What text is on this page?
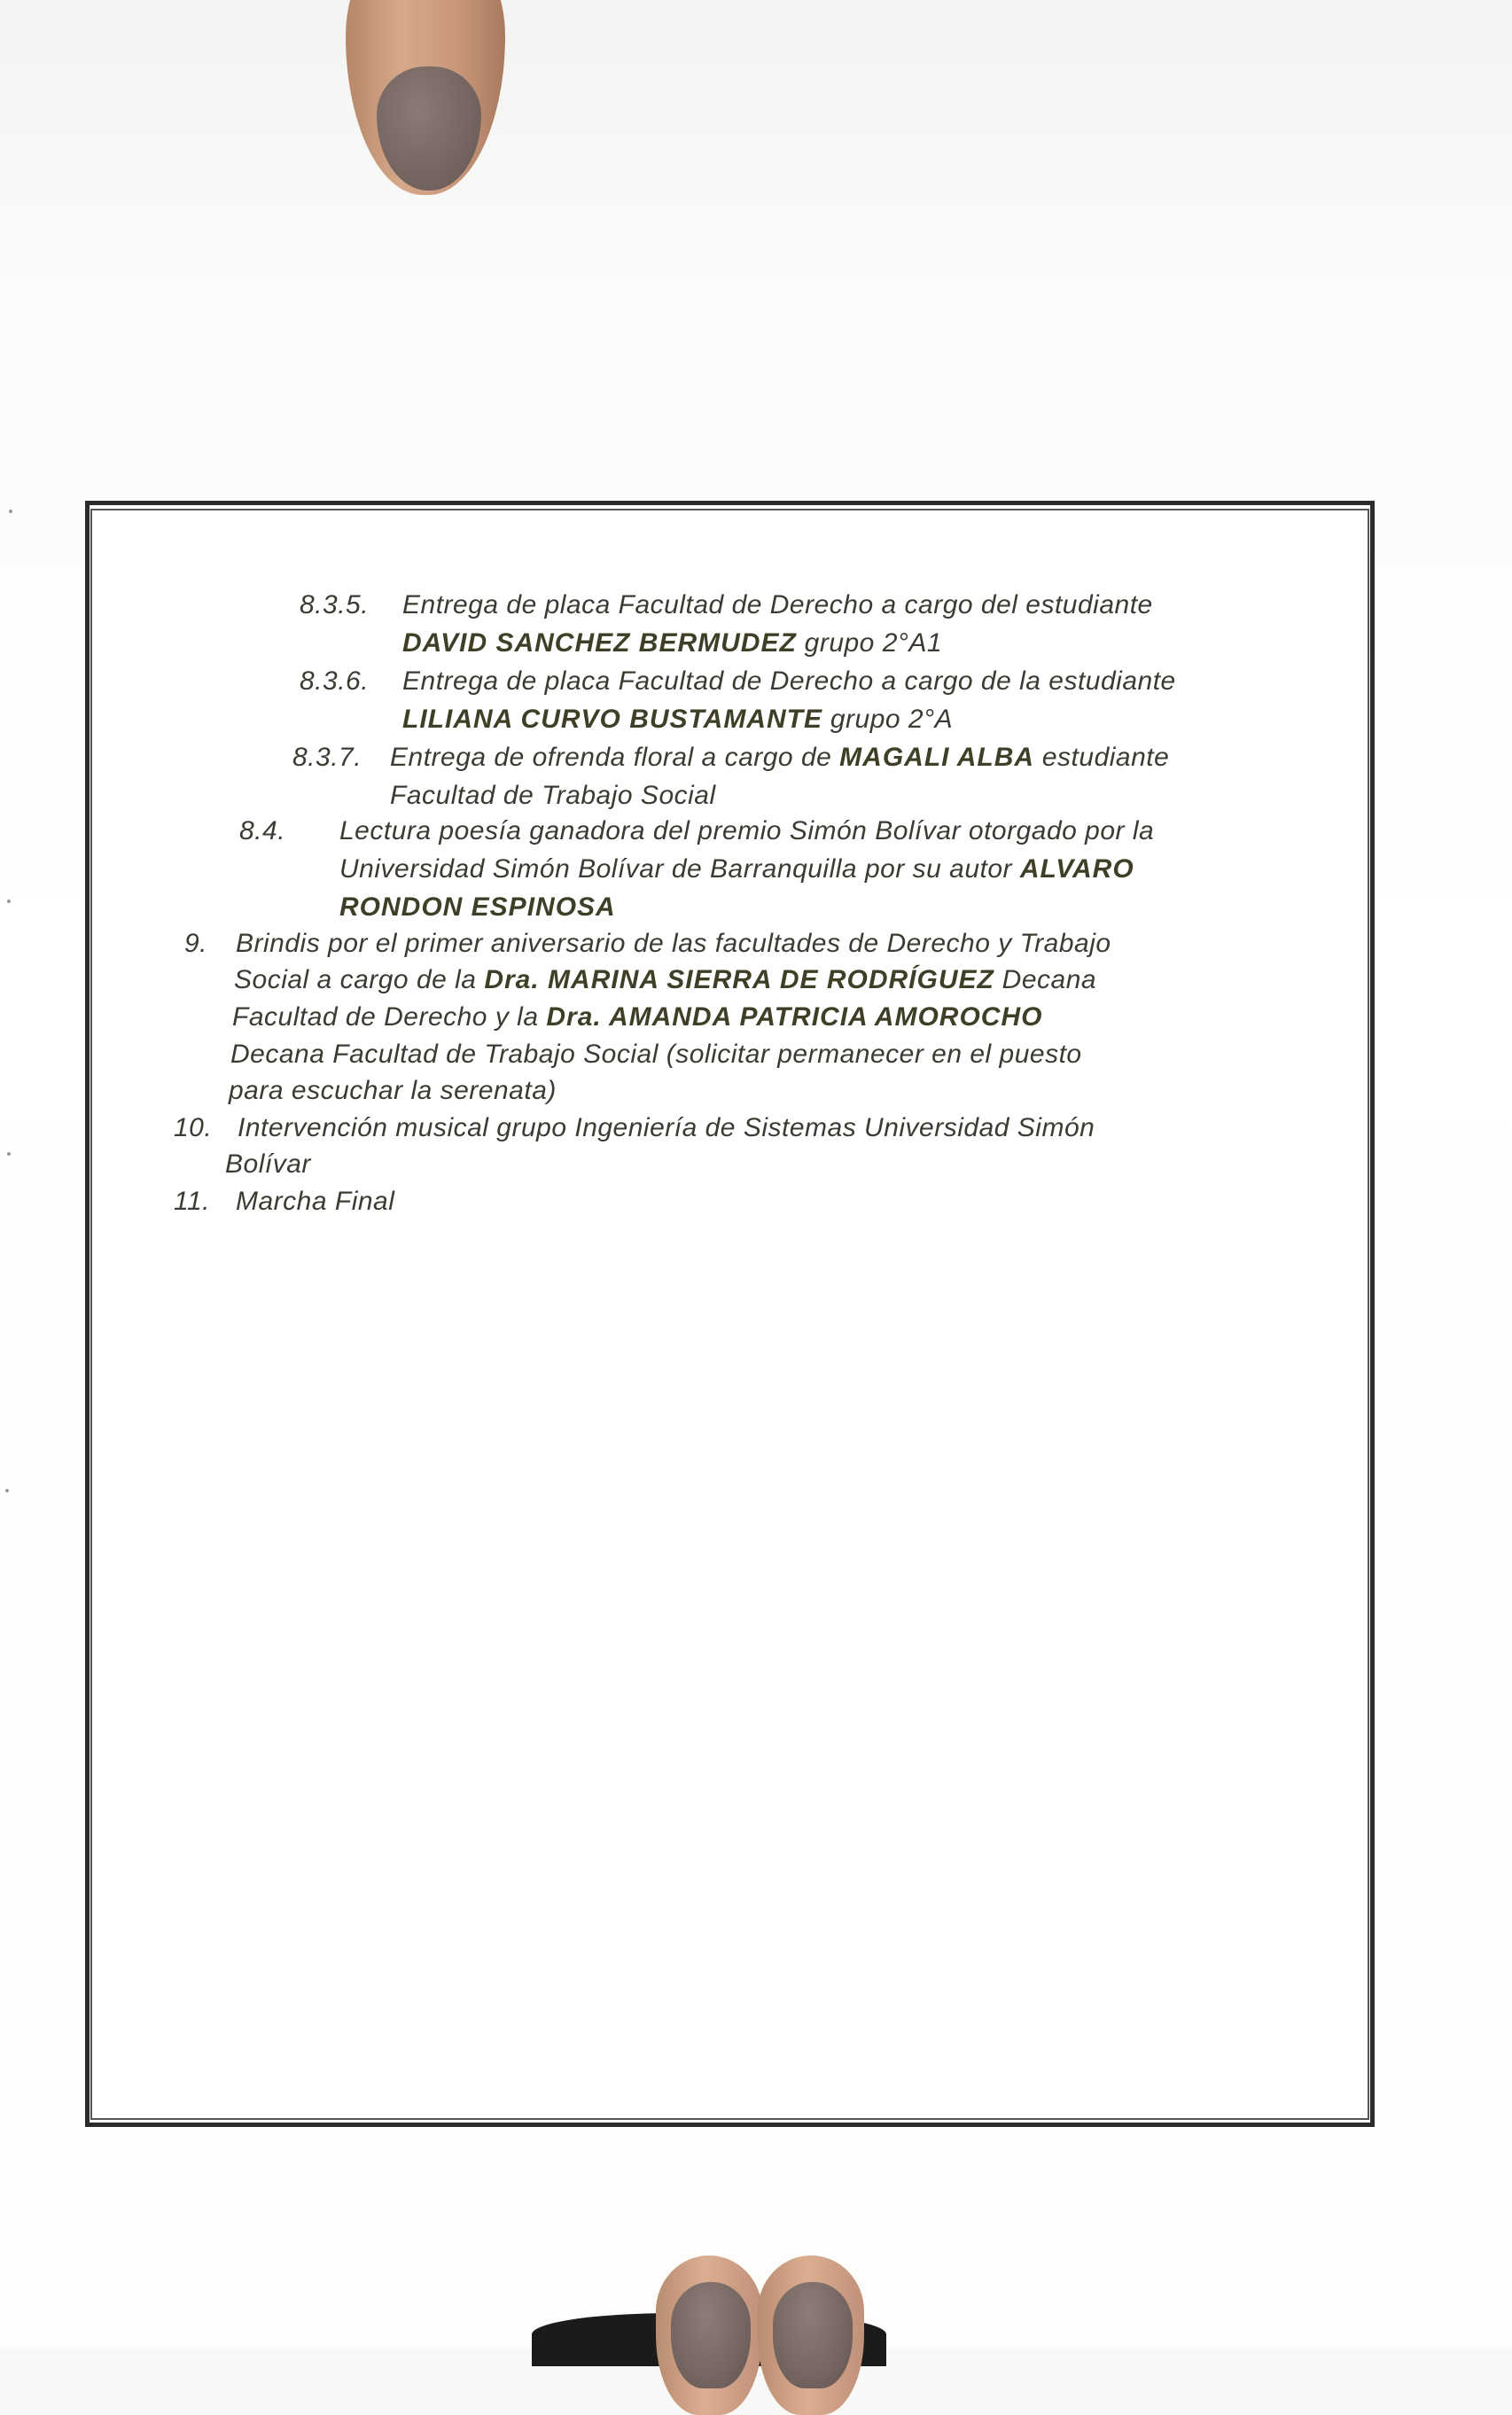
8.3.5. Entrega de placa Facultad de Derecho a cargo del estudiante
DAVID SANCHEZ BERMUDEZ grupo 2°A1
8.3.6. Entrega de placa Facultad de Derecho a cargo de la estudiante
LILIANA CURVO BUSTAMANTE grupo 2°A
8.3.7. Entrega de ofrenda floral a cargo de MAGALI ALBA estudiante
Facultad de Trabajo Social
8.4. Lectura poesía ganadora del premio Simón Bolívar otorgado por la
Universidad Simón Bolívar de Barranquilla por su autor ALVARO
RONDON ESPINOSA
9. Brindis por el primer aniversario de las facultades de Derecho y Trabajo
Social a cargo de la Dra. MARINA SIERRA DE RODRÍGUEZ Decana
Facultad de Derecho y la Dra. AMANDA PATRICIA AMOROCHO
Decana Facultad de Trabajo Social (solicitar permanecer en el puesto
para escuchar la serenata)
10. Intervención musical grupo Ingeniería de Sistemas Universidad Simón
Bolívar
11. Marcha Final
